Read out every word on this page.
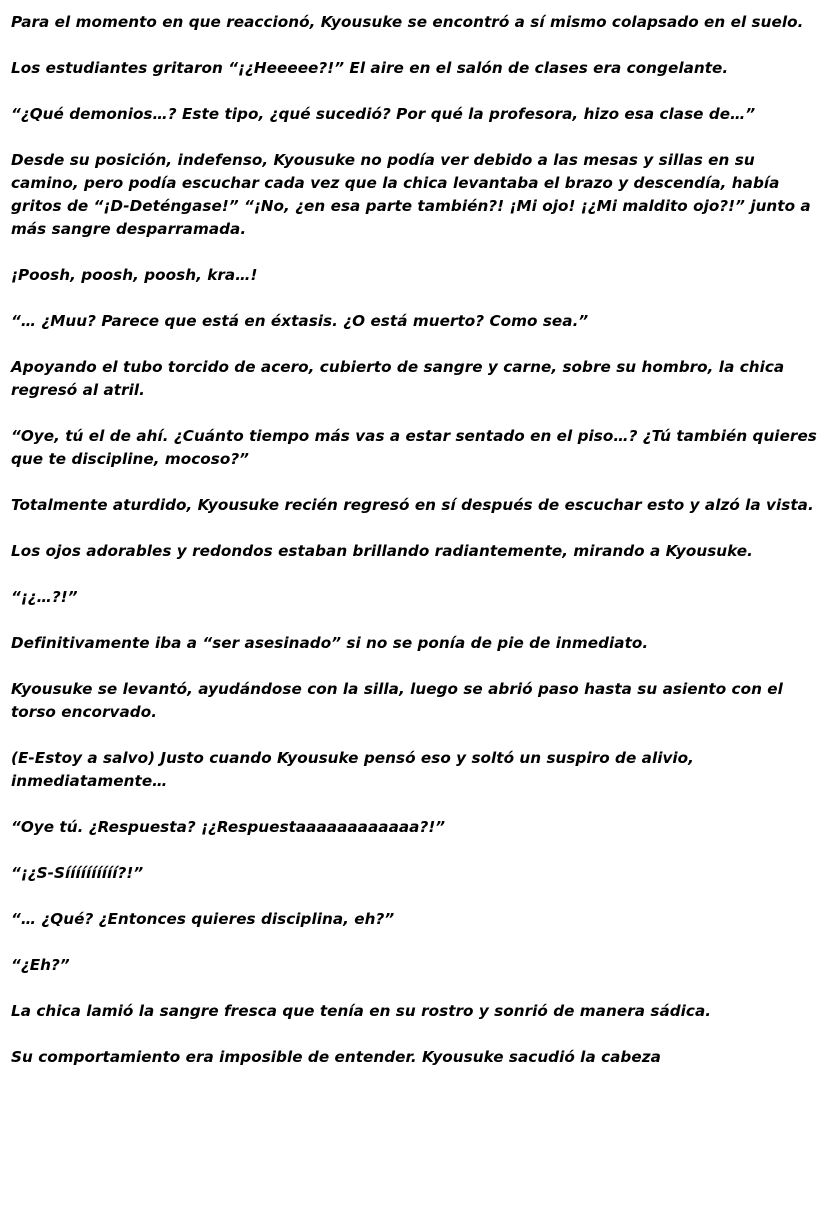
Para el momento en que reaccionó, Kyousuke se encontró a sí mismo colapsado en el suelo.

Los estudiantes gritaron “¡¿Heeeee?!” El aire en el salón de clases era congelante.

“¿Qué demonios…? Este tipo, ¿qué sucedió? Por qué la profesora, hizo esa clase de…”

Desde su posición, indefenso, Kyousuke no podía ver debido a las mesas y sillas en su camino, pero podía escuchar cada vez que la chica levantaba el brazo y descendía, había gritos de “¡D-Deténgase!” “¡No, ¿en esa parte también?! ¡Mi ojo! ¡¿Mi maldito ojo?!” junto a más sangre desparramada.

¡Poosh, poosh, poosh, kra…!

“… ¿Muu? Parece que está en éxtasis. ¿O está muerto? Como sea.”

Apoyando el tubo torcido de acero, cubierto de sangre y carne, sobre su hombro, la chica regresó al atril.

“Oye, tú el de ahí. ¿Cuánto tiempo más vas a estar sentado en el piso…? ¿Tú también quieres que te discipline, mocoso?”

Totalmente aturdido, Kyousuke recién regresó en sí después de escuchar esto y alzó la vista.

Los ojos adorables y redondos estaban brillando radiantemente, mirando a Kyousuke.

“¡¿…?!”

Definitivamente iba a “ser asesinado” si no se ponía de pie de inmediato.

Kyousuke se levantó, ayudándose con la silla, luego se abrió paso hasta su asiento con el torso encorvado.

(E-Estoy a salvo) Justo cuando Kyousuke pensó eso y soltó un suspiro de alivio, inmediatamente…

“Oye tú. ¿Respuesta? ¡¿Respuestaaaaaaaaaaaa?!”

“¡¿S-Síííííííííí?!”

“… ¿Qué? ¿Entonces quieres disciplina, eh?”

“¿Eh?”

La chica lamió la sangre fresca que tenía en su rostro y sonrió de manera sádica.

Su comportamiento era imposible de entender. Kyousuke sacudió la cabeza
